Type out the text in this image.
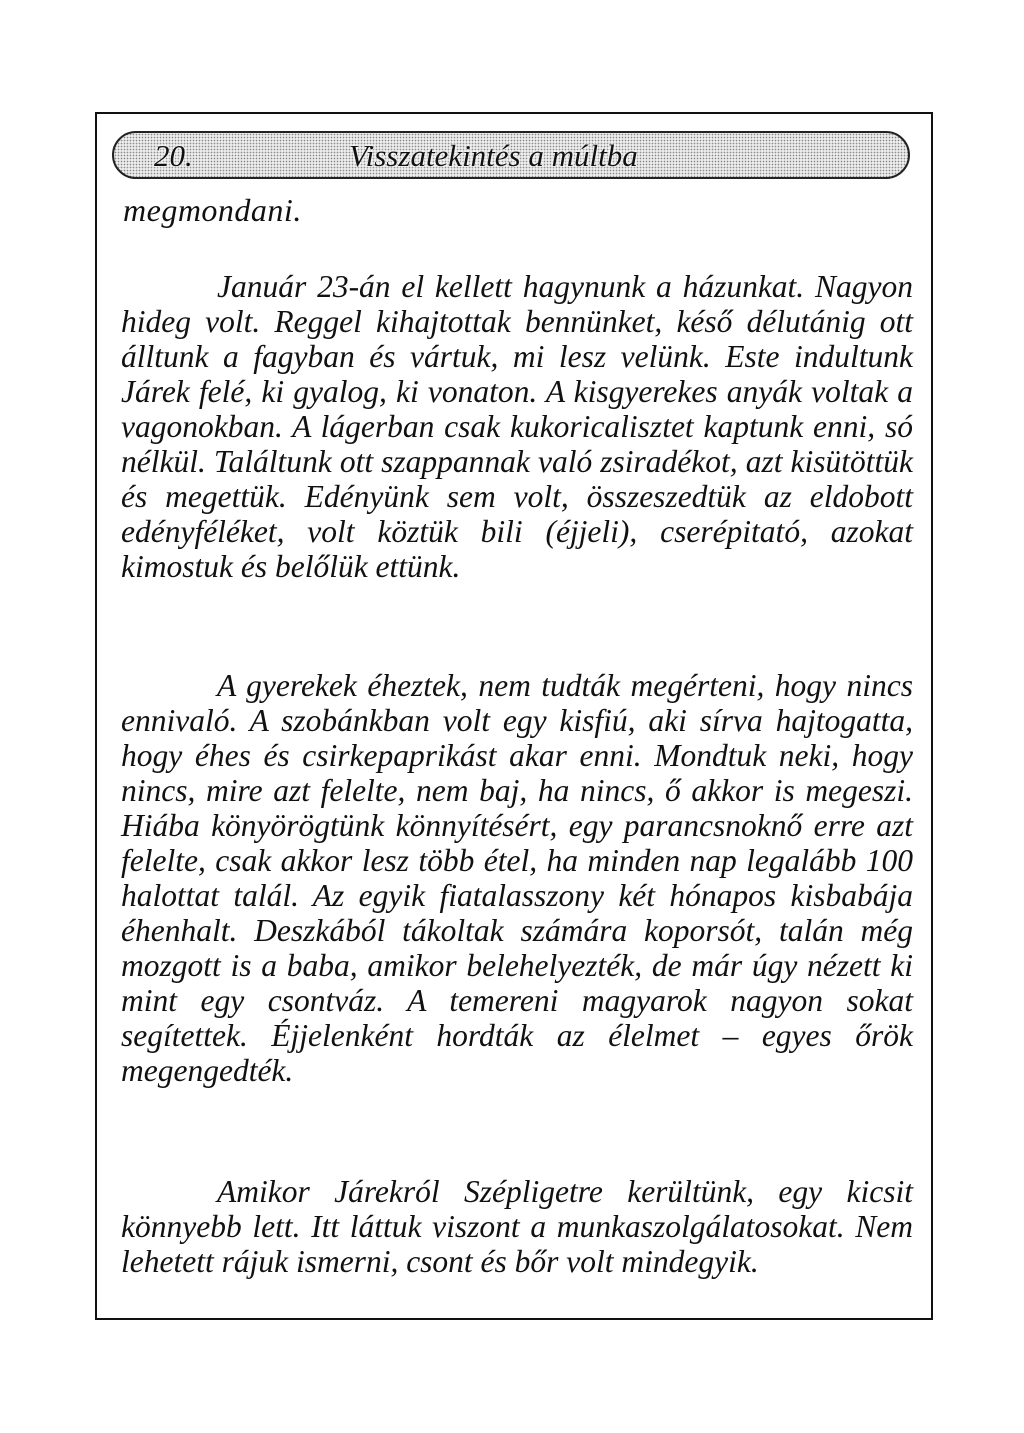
20.	Visszatekintés a múltba

megmondani.

Január 23-án el kellett hagynunk a házunkat. Nagyon hideg volt. Reggel kihajtottak bennünket, késő délutánig ott álltunk a fagyban és vártuk, mi lesz velünk. Este indultunk Járek felé, ki gyalog, ki vonaton. A kisgyerekes anyák voltak a vagonokban. A lágerban csak kukoricalisztet kaptunk enni, só nélkül. Találtunk ott szappannak való zsiradékot, azt kisütöttük és megettük. Edényünk sem volt, összeszedtük az eldobott edényféléket, volt köztük bili (éjjeli), cserépitató, azokat kimostuk és belőlük ettünk.

A gyerekek éheztek, nem tudták megérteni, hogy nincs ennivaló. A szobánkban volt egy kisfiú, aki sírva hajtogatta, hogy éhes és csirkepaprikást akar enni. Mondtuk neki, hogy nincs, mire azt felelte, nem baj, ha nincs, ő akkor is megeszi. Hiába könyörögtünk könnyítésért, egy parancsnoknő erre azt felelte, csak akkor lesz több étel, ha minden nap legalább 100 halottat talál. Az egyik fiatalasszony két hónapos kisbabája éhenhalt. Deszkából tákoltak számára koporsót, talán még mozgott is a baba, amikor belehelyezték, de már úgy nézett ki mint egy csontváz. A temereni magyarok nagyon sokat segítettek. Éjjelenként hordták az élelmet – egyes őrök megengedték.

Amikor Járekról Szépligetre kerültünk, egy kicsit könnyebb lett. Itt láttuk viszont a munkaszolgálatosokat. Nem lehetett rájuk ismerni, csont és bőr volt mindegyik.
